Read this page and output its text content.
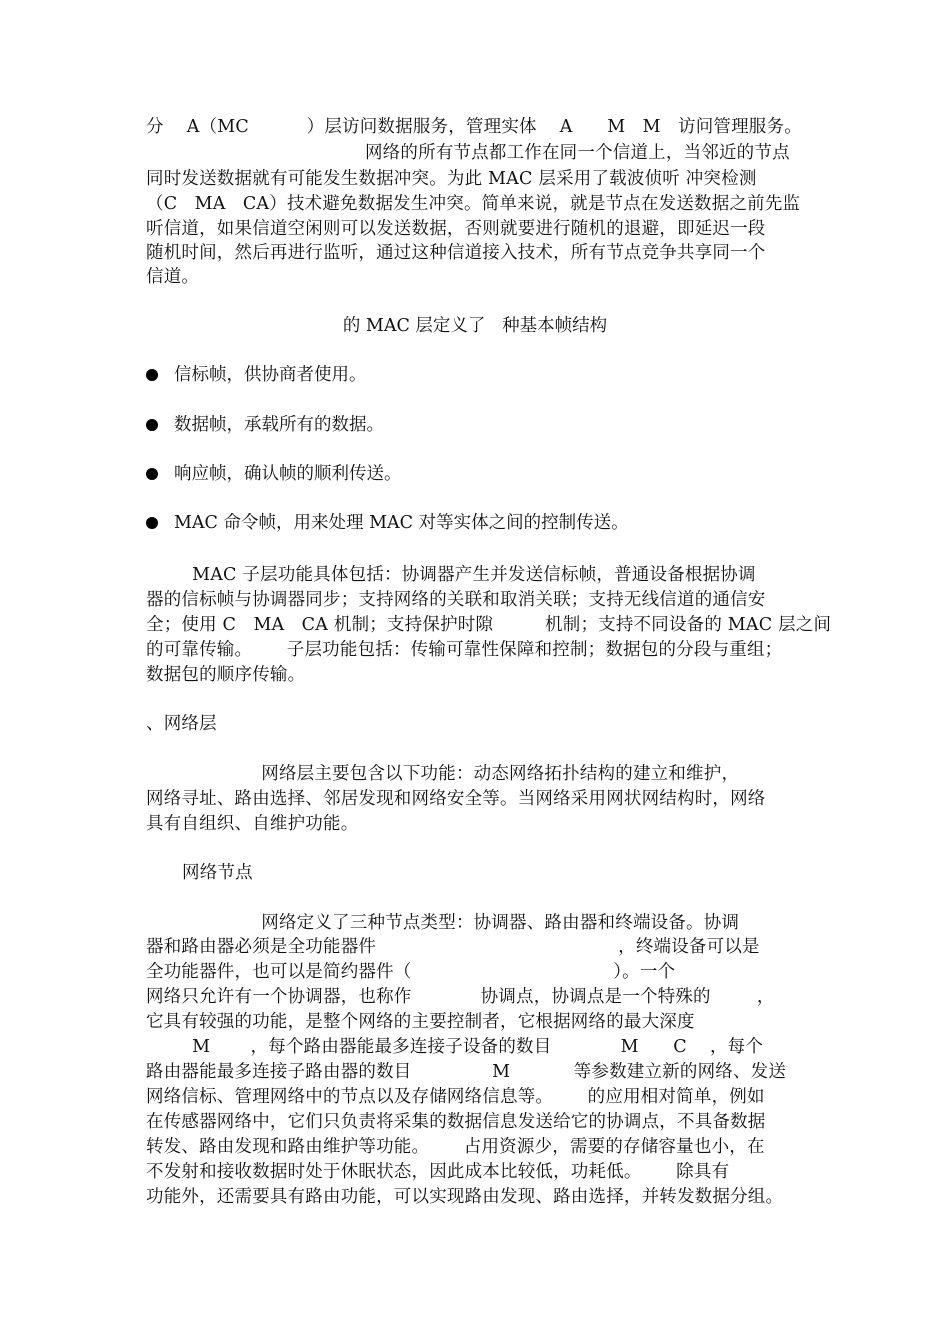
分    A（MC          ）层访问数据服务，管理实体    A      M   M   访问管理服务。
网络的所有节点都工作在同一个信道上，当邻近的节点
同时发送数据就有可能发生数据冲突。为此 MAC 层采用了载波侦听 冲突检测
（C   MA   CA）技术避免数据发生冲突。简单来说，就是节点在发送数据之前先监
听信道，如果信道空闲则可以发送数据，否则就要进行随机的退避，即延迟一段
随机时间，然后再进行监听，通过这种信道接入技术，所有节点竞争共享同一个
信道。
的 MAC 层定义了   种基本帧结构
信标帧，供协商者使用。
数据帧，承载所有的数据。
响应帧，确认帧的顺利传送。
MAC 命令帧，用来处理 MAC 对等实体之间的控制传送。
MAC 子层功能具体包括：协调器产生并发送信标帧，普通设备根据协调
器的信标帧与协调器同步；支持网络的关联和取消关联；支持无线信道的通信安
全；使用 C   MA   CA 机制；支持保护时隙         机制；支持不同设备的 MAC 层之间
的可靠传输。      子层功能包括：传输可靠性保障和控制；数据包的分段与重组；
数据包的顺序传输。
、网络层
网络层主要包含以下功能：动态网络拓扑结构的建立和维护，
网络寻址、路由选择、邻居发现和网络安全等。当网络采用网状网结构时，网络
具有自组织、自维护功能。
网络节点
网络定义了三种节点类型：协调器、路由器和终端设备。协调
器和路由器必须是全功能器件                                          ，终端设备可以是
全功能器件，也可以是简约器件（                                   ）。一个
网络只允许有一个协调器，也称作            协调点，协调点是一个特殊的        ，
它具有较强的功能，是整个网络的主要控制者，它根据网络的最大深度
M       ，每个路由器能最多连接子设备的数目            M      C    ，每个
路由器能最多连接子路由器的数目              M           等参数建立新的网络、发送
网络信标、管理网络中的节点以及存储网络信息等。      的应用相对简单，例如
在传感器网络中，它们只负责将采集的数据信息发送给它的协调点，不具备数据
转发、路由发现和路由维护等功能。      占用资源少，需要的存储容量也小，在
不发射和接收数据时处于休眠状态，因此成本比较低，功耗低。      除具有
功能外，还需要具有路由功能，可以实现路由发现、路由选择，并转发数据分组。
